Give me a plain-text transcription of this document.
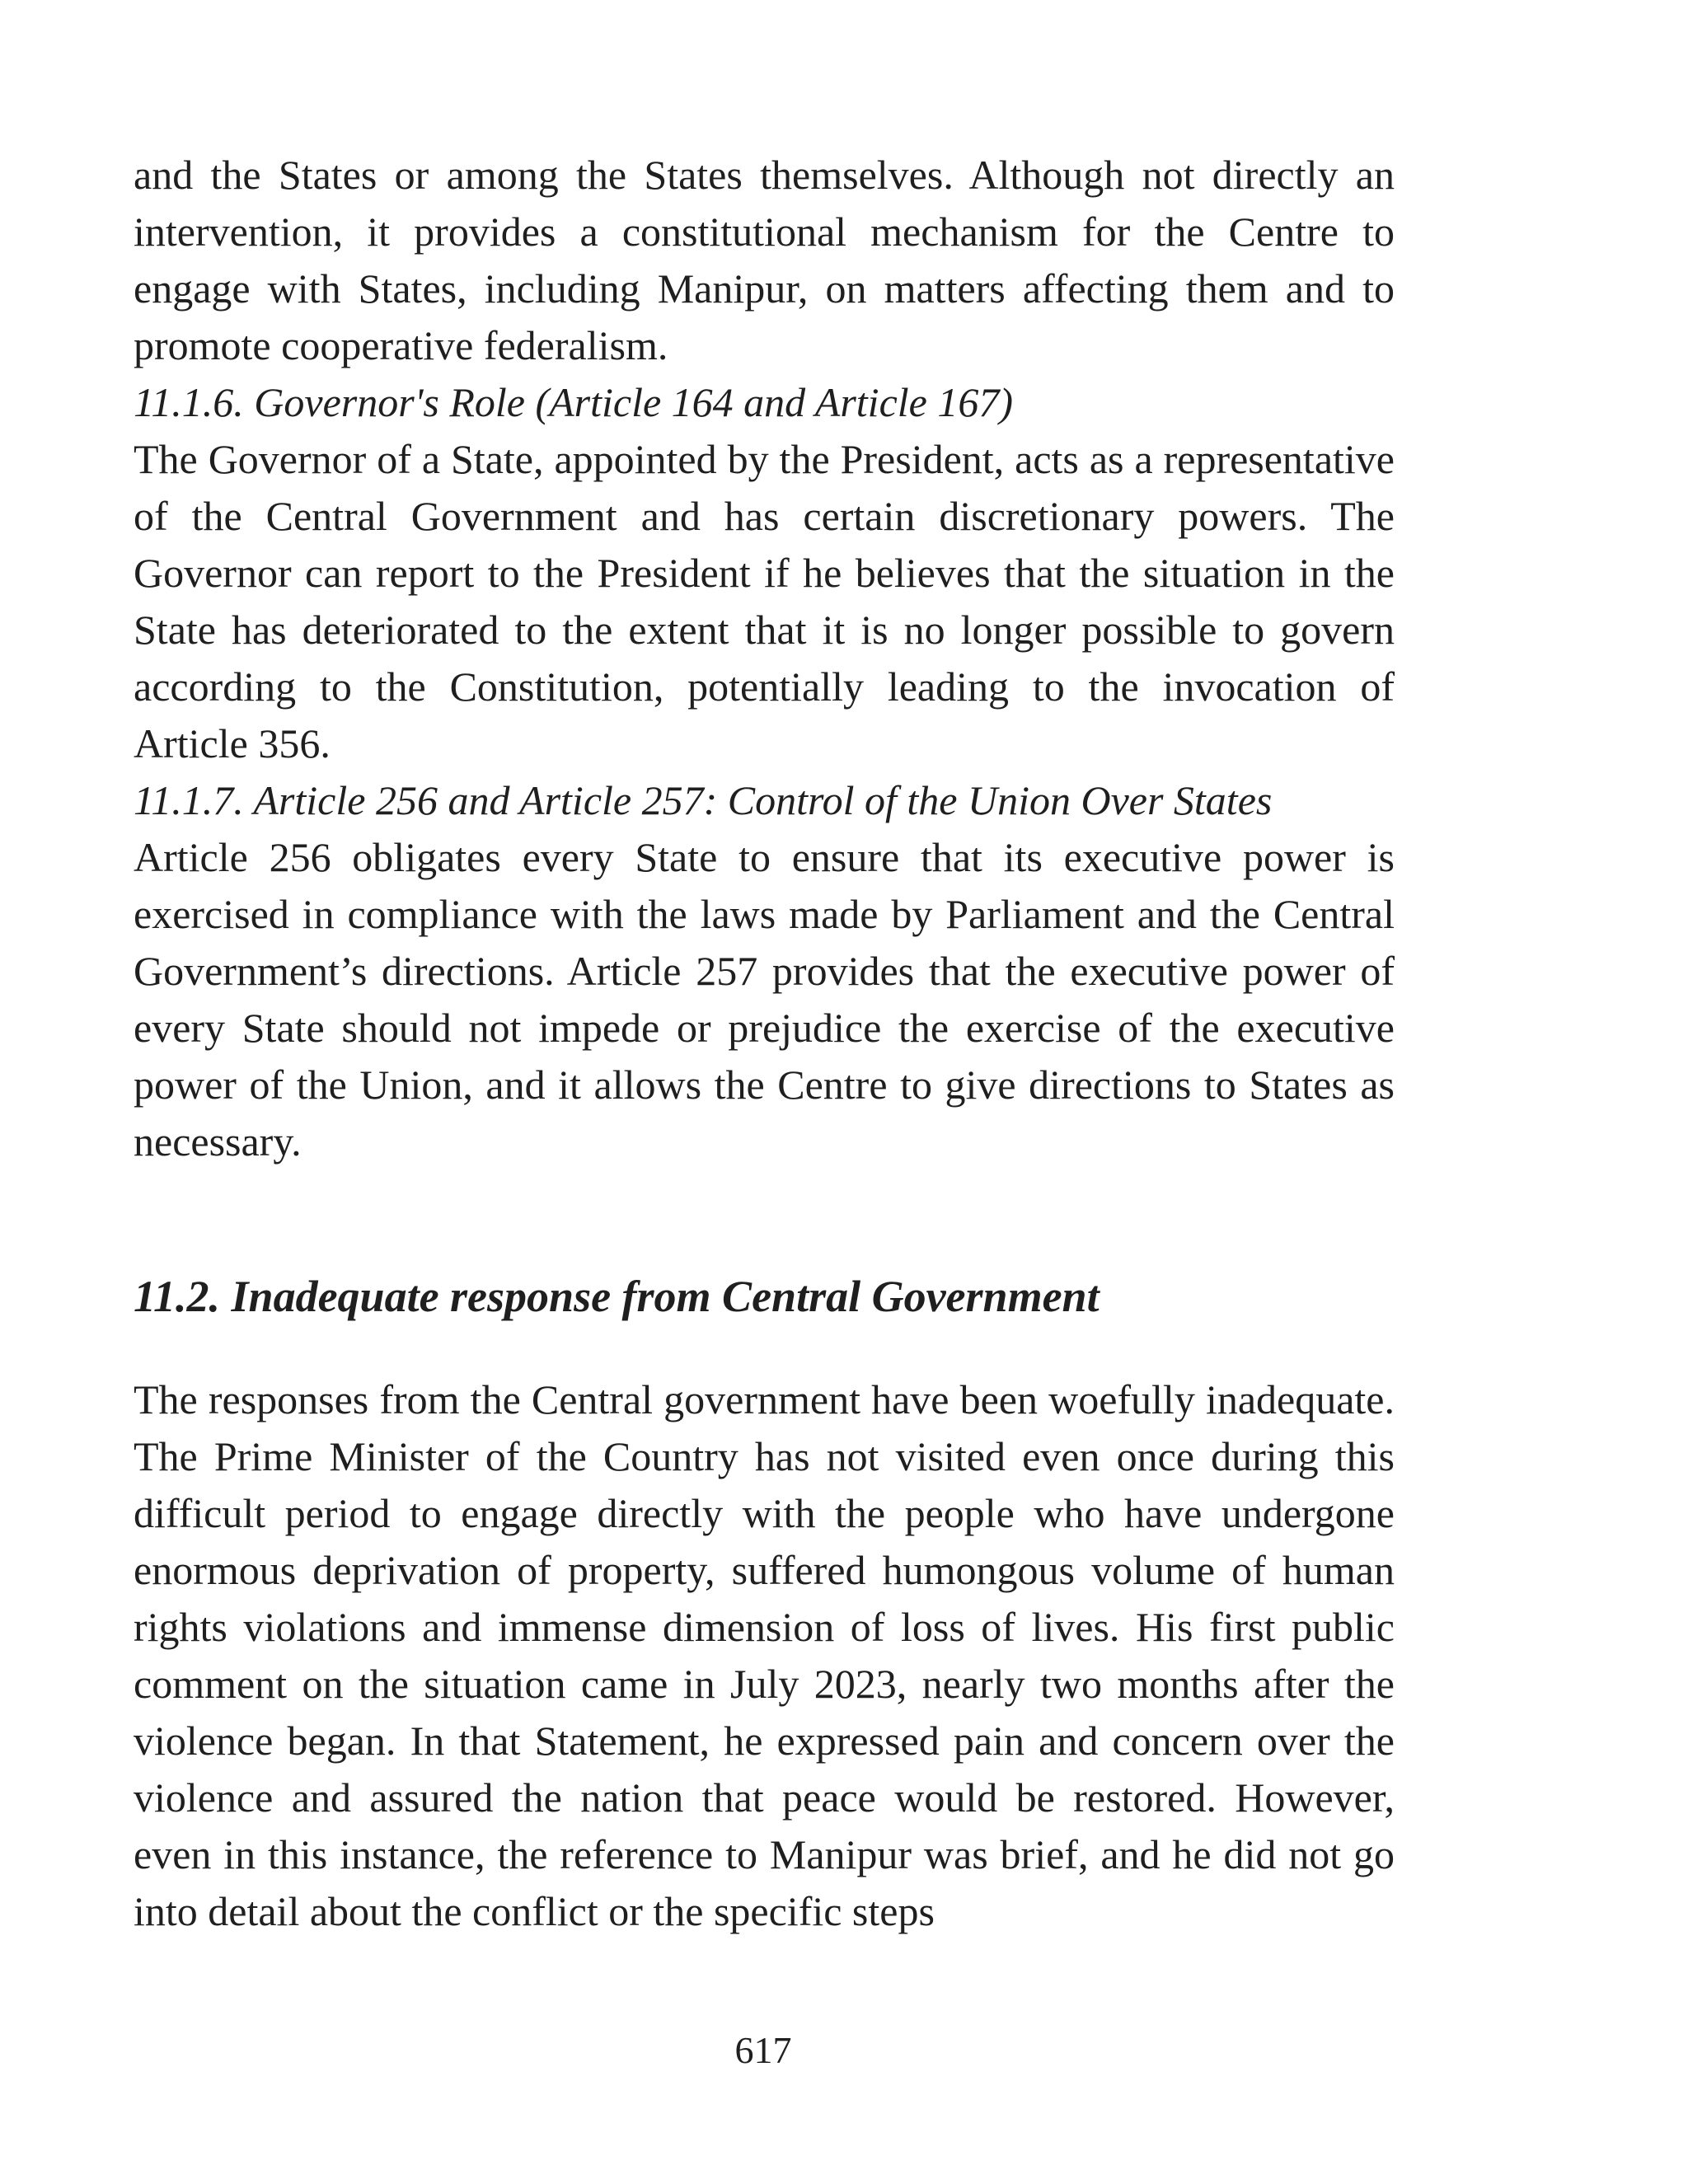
and the States or among the States themselves. Although not directly an intervention, it provides a constitutional mechanism for the Centre to engage with States, including Manipur, on matters affecting them and to promote cooperative federalism.

11.1.6. Governor's Role (Article 164 and Article 167)

The Governor of a State, appointed by the President, acts as a representative of the Central Government and has certain discretionary powers. The Governor can report to the President if he believes that the situation in the State has deteriorated to the extent that it is no longer possible to govern according to the Constitution, potentially leading to the invocation of Article 356.

11.1.7. Article 256 and Article 257: Control of the Union Over States

Article 256 obligates every State to ensure that its executive power is exercised in compliance with the laws made by Parliament and the Central Government’s directions. Article 257 provides that the executive power of every State should not impede or prejudice the exercise of the executive power of the Union, and it allows the Centre to give directions to States as necessary.

11.2. Inadequate response from Central Government

The responses from the Central government have been woefully inadequate. The Prime Minister of the Country has not visited even once during this difficult period to engage directly with the people who have undergone enormous deprivation of property, suffered humongous volume of human rights violations and immense dimension of loss of lives. His first public comment on the situation came in July 2023, nearly two months after the violence began. In that Statement, he expressed pain and concern over the violence and assured the nation that peace would be restored. However, even in this instance, the reference to Manipur was brief, and he did not go into detail about the conflict or the specific steps

617
